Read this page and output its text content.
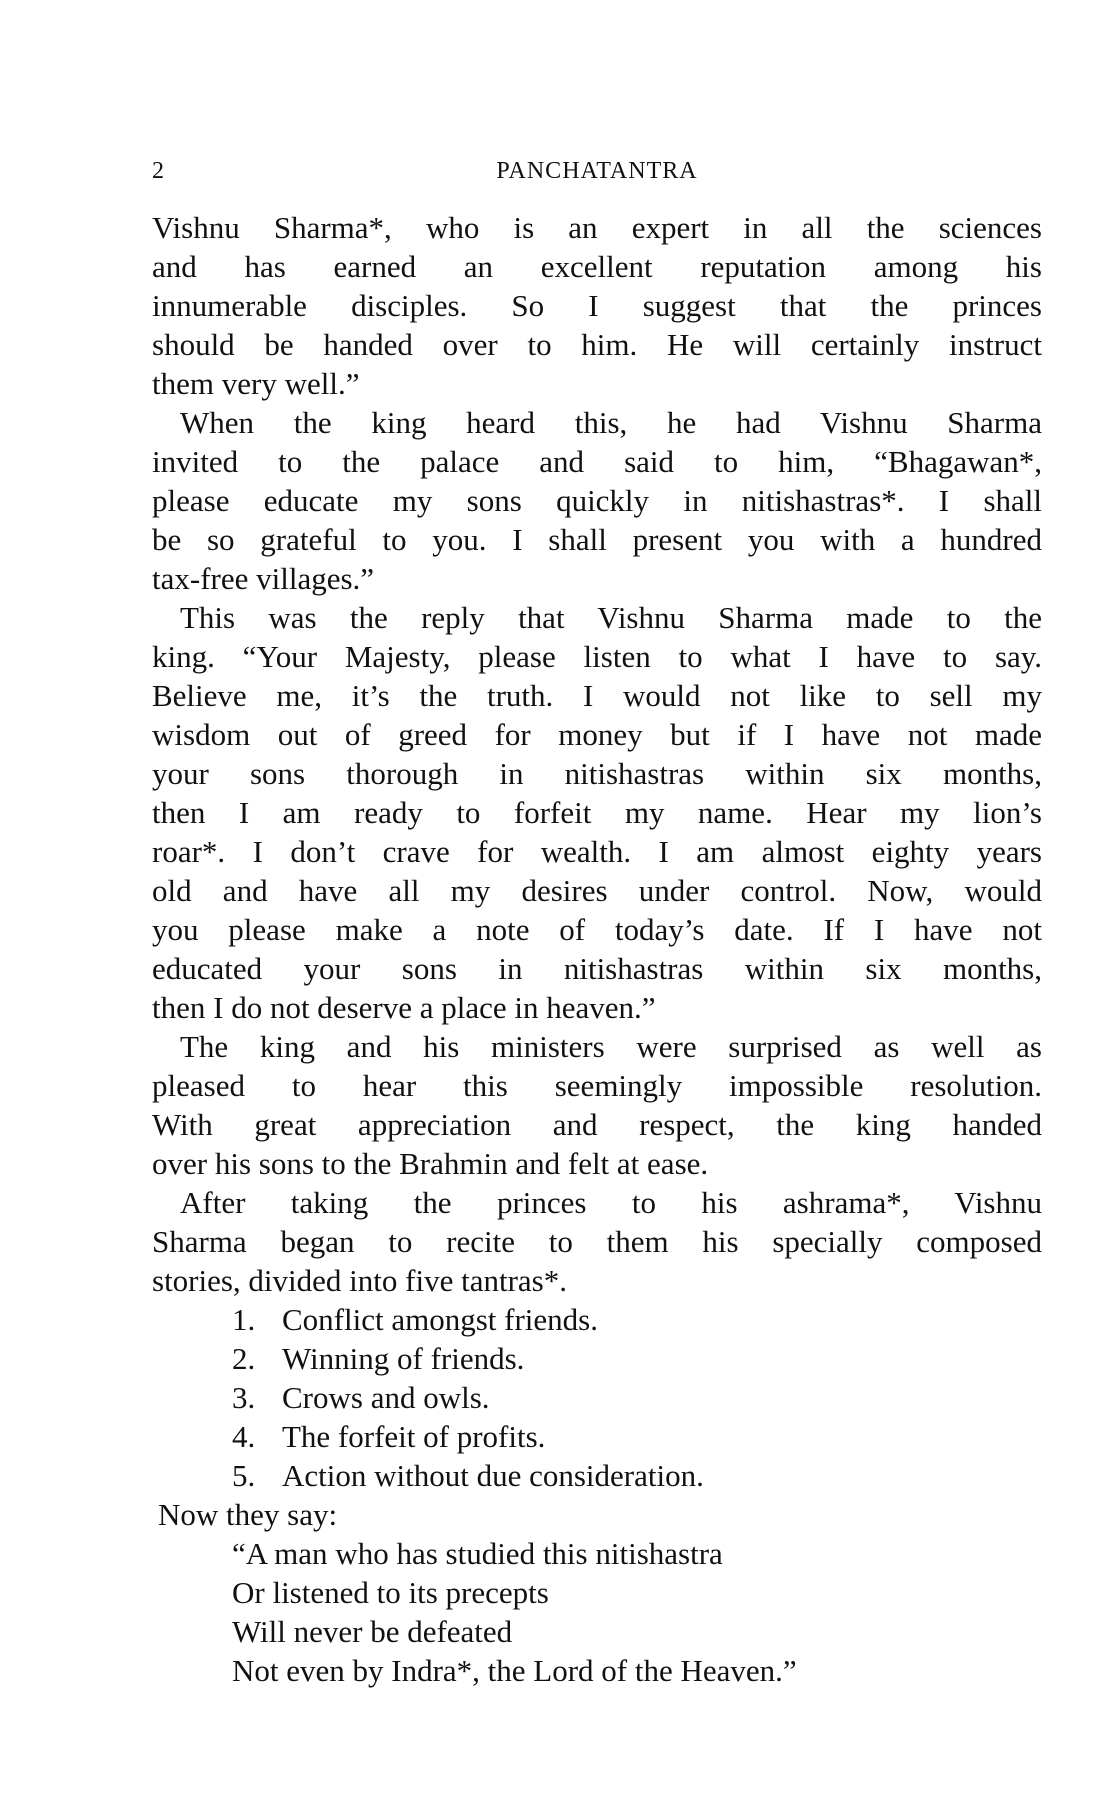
2	PANCHATANTRA
Vishnu Sharma*, who is an expert in all the sciences
and has earned an excellent reputation among his
innumerable disciples. So I suggest that the princes
should be handed over to him. He will certainly instruct
them very well.”
When the king heard this, he had Vishnu Sharma
invited to the palace and said to him, “Bhagawan*,
please educate my sons quickly in nitishastras*. I shall
be so grateful to you. I shall present you with a hundred
tax-free villages.”
This was the reply that Vishnu Sharma made to the
king. “Your Majesty, please listen to what I have to say.
Believe me, it’s the truth. I would not like to sell my
wisdom out of greed for money but if I have not made
your sons thorough in nitishastras within six months,
then I am ready to forfeit my name. Hear my lion’s
roar*. I don’t crave for wealth. I am almost eighty years
old and have all my desires under control. Now, would
you please make a note of today’s date. If I have not
educated your sons in nitishastras within six months,
then I do not deserve a place in heaven.”
The king and his ministers were surprised as well as
pleased to hear this seemingly impossible resolution.
With great appreciation and respect, the king handed
over his sons to the Brahmin and felt at ease.
After taking the princes to his ashrama*, Vishnu
Sharma began to recite to them his specially composed
stories, divided into five tantras*.
1. Conflict amongst friends.
2. Winning of friends.
3. Crows and owls.
4. The forfeit of profits.
5. Action without due consideration.
Now they say:
“A man who has studied this nitishastra
Or listened to its precepts
Will never be defeated
Not even by Indra*, the Lord of the Heaven.”
